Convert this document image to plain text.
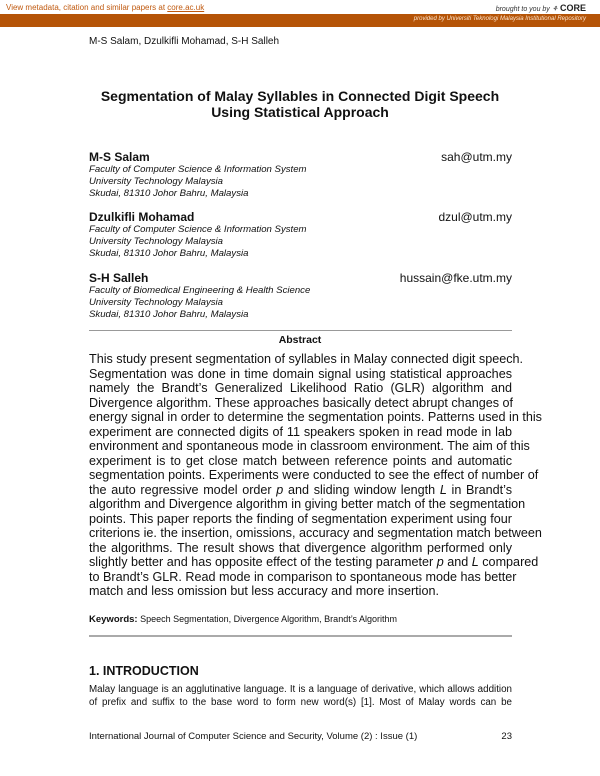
View metadata, citation and similar papers at core.ac.uk	brought to you by ⚘ CORE
provided by Universiti Teknologi Malaysia Institutional Repository
M-S Salam, Dzulkifli Mohamad, S-H Salleh
Segmentation of Malay Syllables in Connected Digit Speech
Using Statistical Approach
M-S Salam	sah@utm.my
Faculty of Computer Science & Information System
University Technology Malaysia
Skudai, 81310 Johor Bahru, Malaysia
Dzulkifli Mohamad	dzul@utm.my
Faculty of Computer Science & Information System
University Technology Malaysia
Skudai, 81310 Johor Bahru, Malaysia
S-H Salleh	hussain@fke.utm.my
Faculty of Biomedical Engineering & Health Science
University Technology Malaysia
Skudai, 81310 Johor Bahru, Malaysia
Abstract
This study present segmentation of syllables in Malay connected digit speech.
Segmentation was done in time domain signal using statistical approaches
namely the Brandt’s Generalized Likelihood Ratio (GLR) algorithm and
Divergence algorithm. These approaches basically detect abrupt changes of
energy signal in order to determine the segmentation points. Patterns used in this
experiment are connected digits of 11 speakers spoken in read mode in lab
environment and spontaneous mode in classroom environment. The aim of this
experiment is to get close match between reference points and automatic
segmentation points. Experiments were conducted to see the effect of number of
the auto regressive model order p and sliding window length L in Brandt’s
algorithm and Divergence algorithm in giving better match of the segmentation
points. This paper reports the finding of segmentation experiment using four
criterions ie. the insertion, omissions, accuracy and segmentation match between
the algorithms. The result shows that divergence algorithm performed only
slightly better and has opposite effect of the testing parameter p and L compared
to Brandt’s GLR. Read mode in comparison to spontaneous mode has better
match and less omission but less accuracy and more insertion.
Keywords: Speech Segmentation, Divergence Algorithm, Brandt’s Algorithm
1. INTRODUCTION
Malay language is an agglutinative language. It is a language of derivative, which allows addition
of prefix and suffix to the base word to form new word(s) [1]. Most of Malay words can be
International Journal of Computer Science and Security, Volume (2) : Issue (1)	23
